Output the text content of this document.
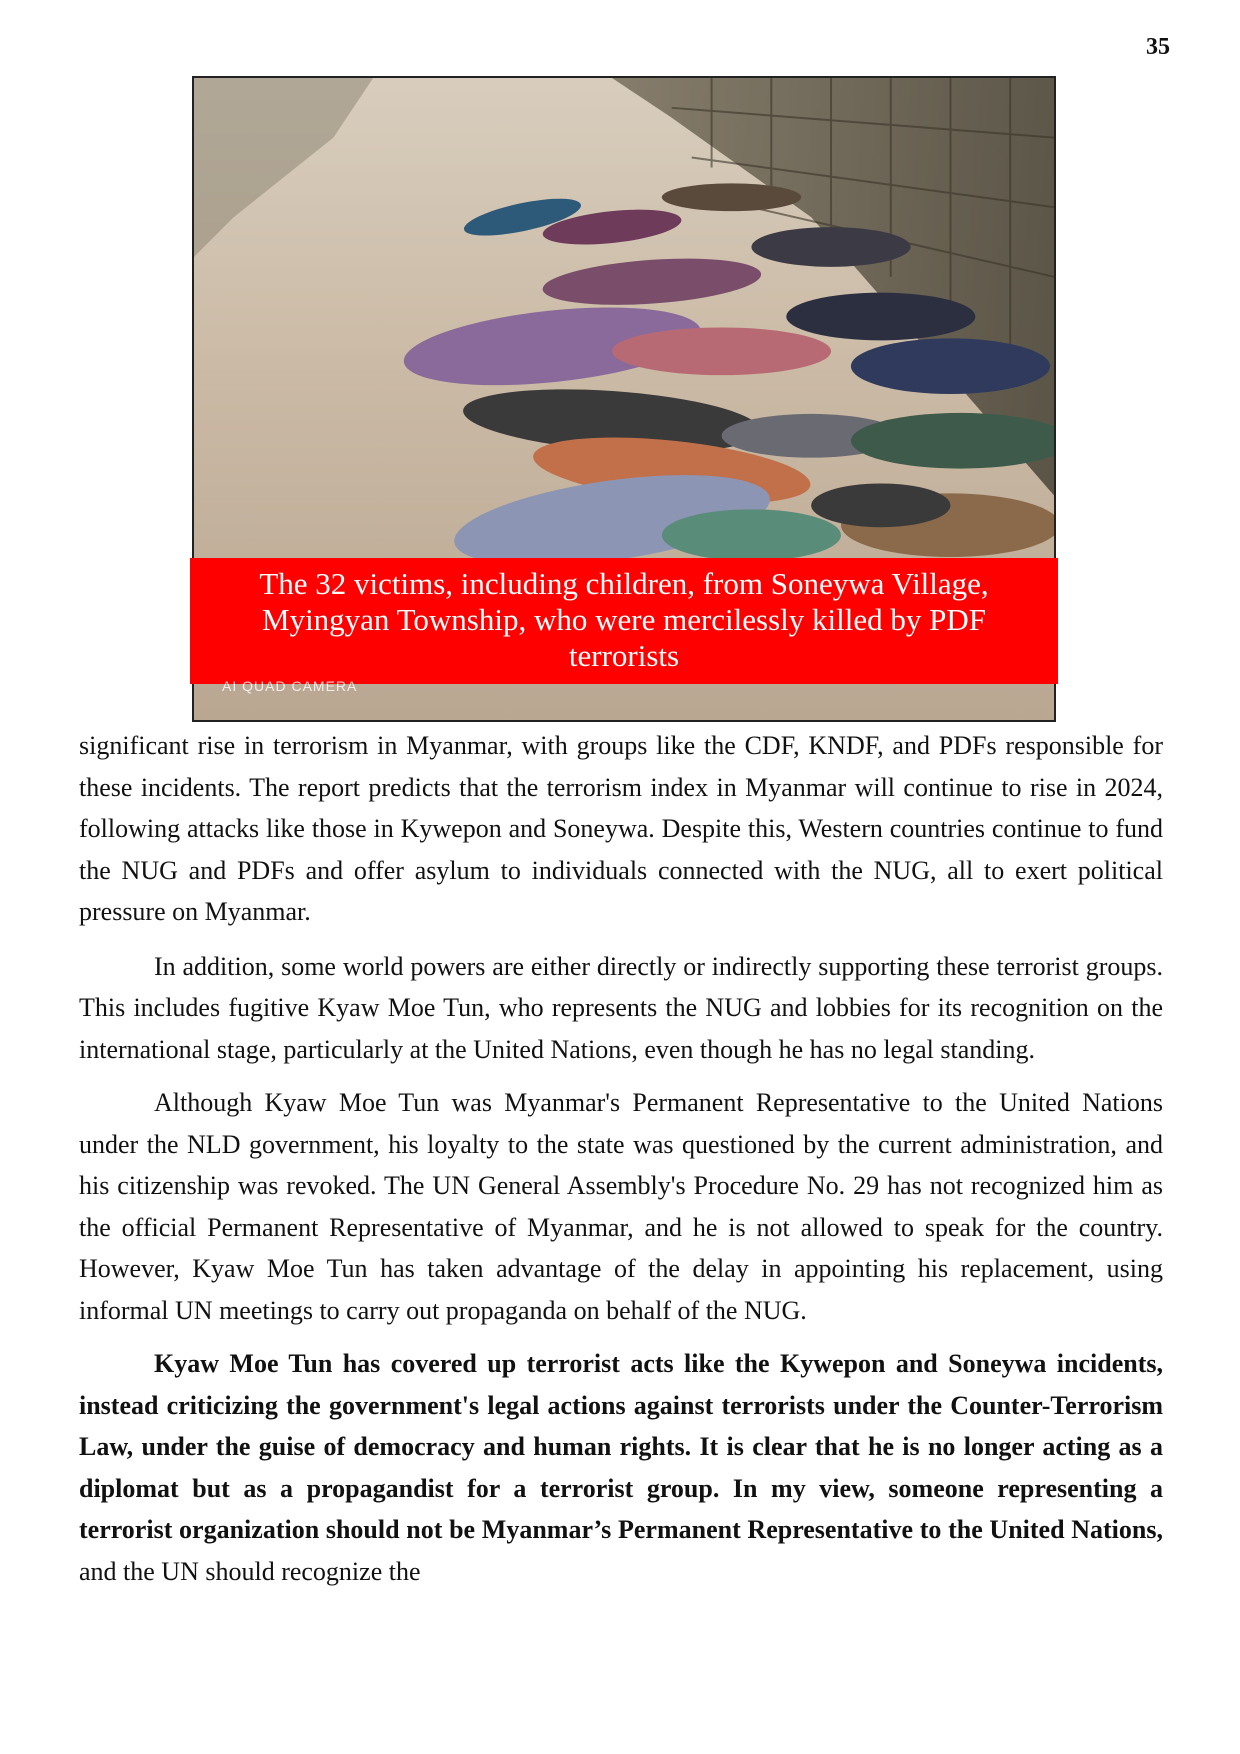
35
The 32 victims, including children, from Soneywa Village, Myingyan Township, who were mercilessly killed by PDF terrorists
AI QUAD CAMERA

significant rise in terrorism in Myanmar, with groups like the CDF, KNDF, and PDFs responsible for these incidents. The report predicts that the terrorism index in Myanmar will continue to rise in 2024, following attacks like those in Kywepon and Soneywa. Despite this, Western countries continue to fund the NUG and PDFs and offer asylum to individuals connected with the NUG, all to exert political pressure on Myanmar.

In addition, some world powers are either directly or indirectly supporting these terrorist groups. This includes fugitive Kyaw Moe Tun, who represents the NUG and lobbies for its recognition on the international stage, particularly at the United Nations, even though he has no legal standing.

Although Kyaw Moe Tun was Myanmar's Permanent Representative to the United Nations under the NLD government, his loyalty to the state was questioned by the current administration, and his citizenship was revoked. The UN General Assembly's Procedure No. 29 has not recognized him as the official Permanent Representative of Myanmar, and he is not allowed to speak for the country. However, Kyaw Moe Tun has taken advantage of the delay in appointing his replacement, using informal UN meetings to carry out propaganda on behalf of the NUG.

Kyaw Moe Tun has covered up terrorist acts like the Kywepon and Soneywa incidents, instead criticizing the government's legal actions against terrorists under the Counter-Terrorism Law, under the guise of democracy and human rights. It is clear that he is no longer acting as a diplomat but as a propagandist for a terrorist group. In my view, someone representing a terrorist organization should not be Myanmar’s Permanent Representative to the United Nations, and the UN should recognize the
